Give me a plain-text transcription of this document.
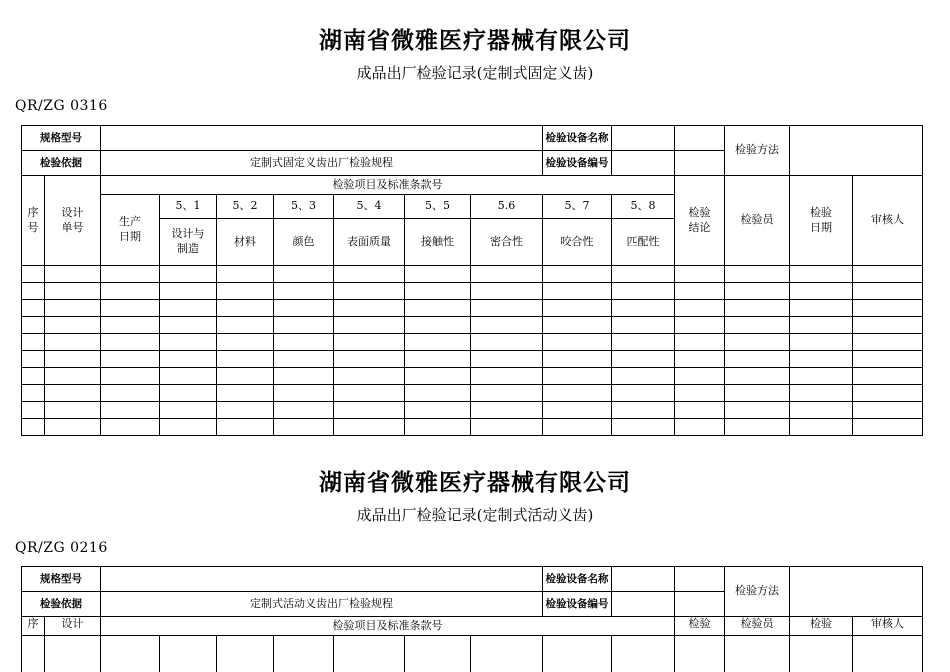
湖南省微雅医疗器械有限公司
成品出厂检验记录(定制式固定义齿)
QR/ZG 0316
规格型号									检验设备名称			检验方法		
检验依据		定制式固定义齿出厂检验规程							检验设备编号					
序号	设计单号	检验项目及标准条款号									检验结论	检验员	检验日期	审核人
		生产日期	5、1	5、2	5、3	5、4	5、5	5.6	5、7	5、8				
			设计与制造	材料	颜色	表面质量	接触性	密合性	咬合性	匹配性				

湖南省微雅医疗器械有限公司
成品出厂检验记录(定制式活动义齿)
QR/ZG 0216
规格型号									检验设备名称			检验方法		
检验依据		定制式活动义齿出厂检验规程							检验设备编号					
序	设计	检验项目及标准条款号									检验	检验员	检验	审核人
